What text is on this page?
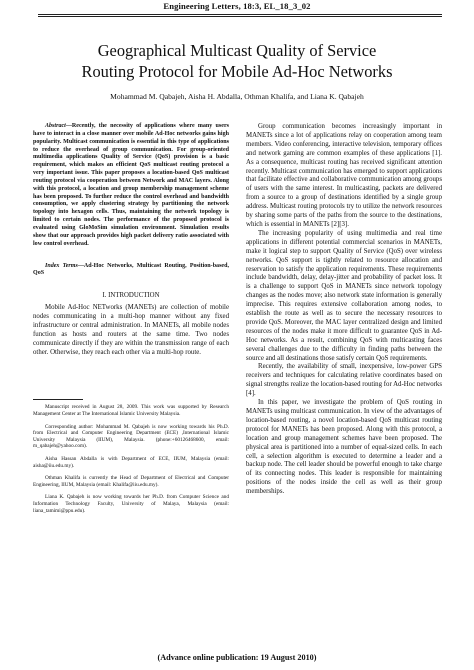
Engineering Letters, 18:3, EL_18_3_02
Geographical Multicast Quality of Service
Routing Protocol for Mobile Ad-Hoc Networks
Mohammad M. Qabajeh, Aisha H. Abdalla, Othman Khalifa, and Liana K. Qabajeh

Abstract—Recently, the necessity of applications where many users have to interact in a close manner over mobile Ad-Hoc networks gains high popularity. Multicast communication is essential in this type of applications to reduce the overhead of group communication. For group-oriented multimedia applications Quality of Service (QoS) provision is a basic requirement, which makes an efficient QoS multicast routing protocol a very important issue. This paper proposes a location-based QoS multicast routing protocol via cooperation between Network and MAC layers. Along with this protocol, a location and group membership management scheme has been proposed. To further reduce the control overhead and bandwidth consumption, we apply clustering strategy by partitioning the network topology into hexagon cells. Thus, maintaining the network topology is limited to certain nodes. The performance of the proposed protocol is evaluated using GloMoSim simulation environment. Simulation results show that our approach provides high packet delivery ratio associated with low control overhead.

Index Terms—Ad-Hoc Networks, Multicast Routing, Position-based, QoS

I. INTRODUCTION

Mobile Ad-Hoc NETworks (MANETs) are collection of mobile nodes communicating in a multi-hop manner without any fixed infrastructure or central administration. In MANETs, all mobile nodes function as hosts and routers at the same time. Two nodes communicate directly if they are within the transmission range of each other. Otherwise, they reach each other via a multi-hop route.

Manuscript received in August 28, 2009. This work was supported by Research Management Center at The International Islamic University Malaysia.

Corresponding author: Mohammad M. Qabajeh is now working towards his Ph.D. from Electrical and Computer Engineering Department (ECE) ,International Islamic University Malaysia (IIUM), Malaysia. (phone:+60126468600, email: m_qabajeh@yahoo.com).

Aisha Hassan Abdalla is with Department of ECE, IIUM, Malaysia (email: aisha@iiu.edu.my).

Othman Khalifa is currently the Head of Department of Electrical and Computer Engineering, IIUM, Malaysia (email: Khalifa@iiu.edu.my).

Liana K. Qabajeh is now working towards her Ph.D. from Computer Science and Information Technology Faculty, University of Malaya, Malaysia (email: liana_tamimi@ppu.edu).

Group communication becomes increasingly important in MANETs since a lot of applications relay on cooperation among team members. Video conferencing, interactive television, temporary offices and network gaming are common examples of these applications [1]. As a consequence, multicast routing has received significant attention recently. Multicast communication has emerged to support applications that facilitate effective and collaborative communication among groups of users with the same interest. In multicasting, packets are delivered from a source to a group of destinations identified by a single group address. Multicast routing protocols try to utilize the network resources by sharing some parts of the paths from the source to the destinations, which is essential in MANETs [2][3].

The increasing popularity of using multimedia and real time applications in different potential commercial scenarios in MANETs, make it logical step to support Quality of Service (QoS) over wireless networks. QoS support is tightly related to resource allocation and reservation to satisfy the application requirements. These requirements include bandwidth, delay, delay-jitter and probability of packet loss. It is a challenge to support QoS in MANETs since network topology changes as the nodes move; also network state information is generally imprecise. This requires extensive collaboration among nodes, to establish the route as well as to secure the necessary resources to provide QoS. Moreover, the MAC layer centralized design and limited resources of the nodes make it more difficult to guarantee QoS in Ad-Hoc networks. As a result, combining QoS with multicasting faces several challenges due to the difficulty in finding paths between the source and all destinations those satisfy certain QoS requirements.

Recently, the availability of small, inexpensive, low-power GPS receivers and techniques for calculating relative coordinates based on signal strengths realize the location-based routing for Ad-Hoc networks [4].

In this paper, we investigate the problem of QoS routing in MANETs using multicast communication. In view of the advantages of location-based routing, a novel location-based QoS multicast routing protocol for MANETs has been proposed. Along with this protocol, a location and group management schemes have been proposed. The physical area is partitioned into a number of equal-sized cells. In each cell, a selection algorithm is executed to determine a leader and a backup node. The cell leader should be powerful enough to take charge of its connecting nodes. This leader is responsible for maintaining positions of the nodes inside the cell as well as their group memberships.

(Advance online publication: 19 August 2010)
